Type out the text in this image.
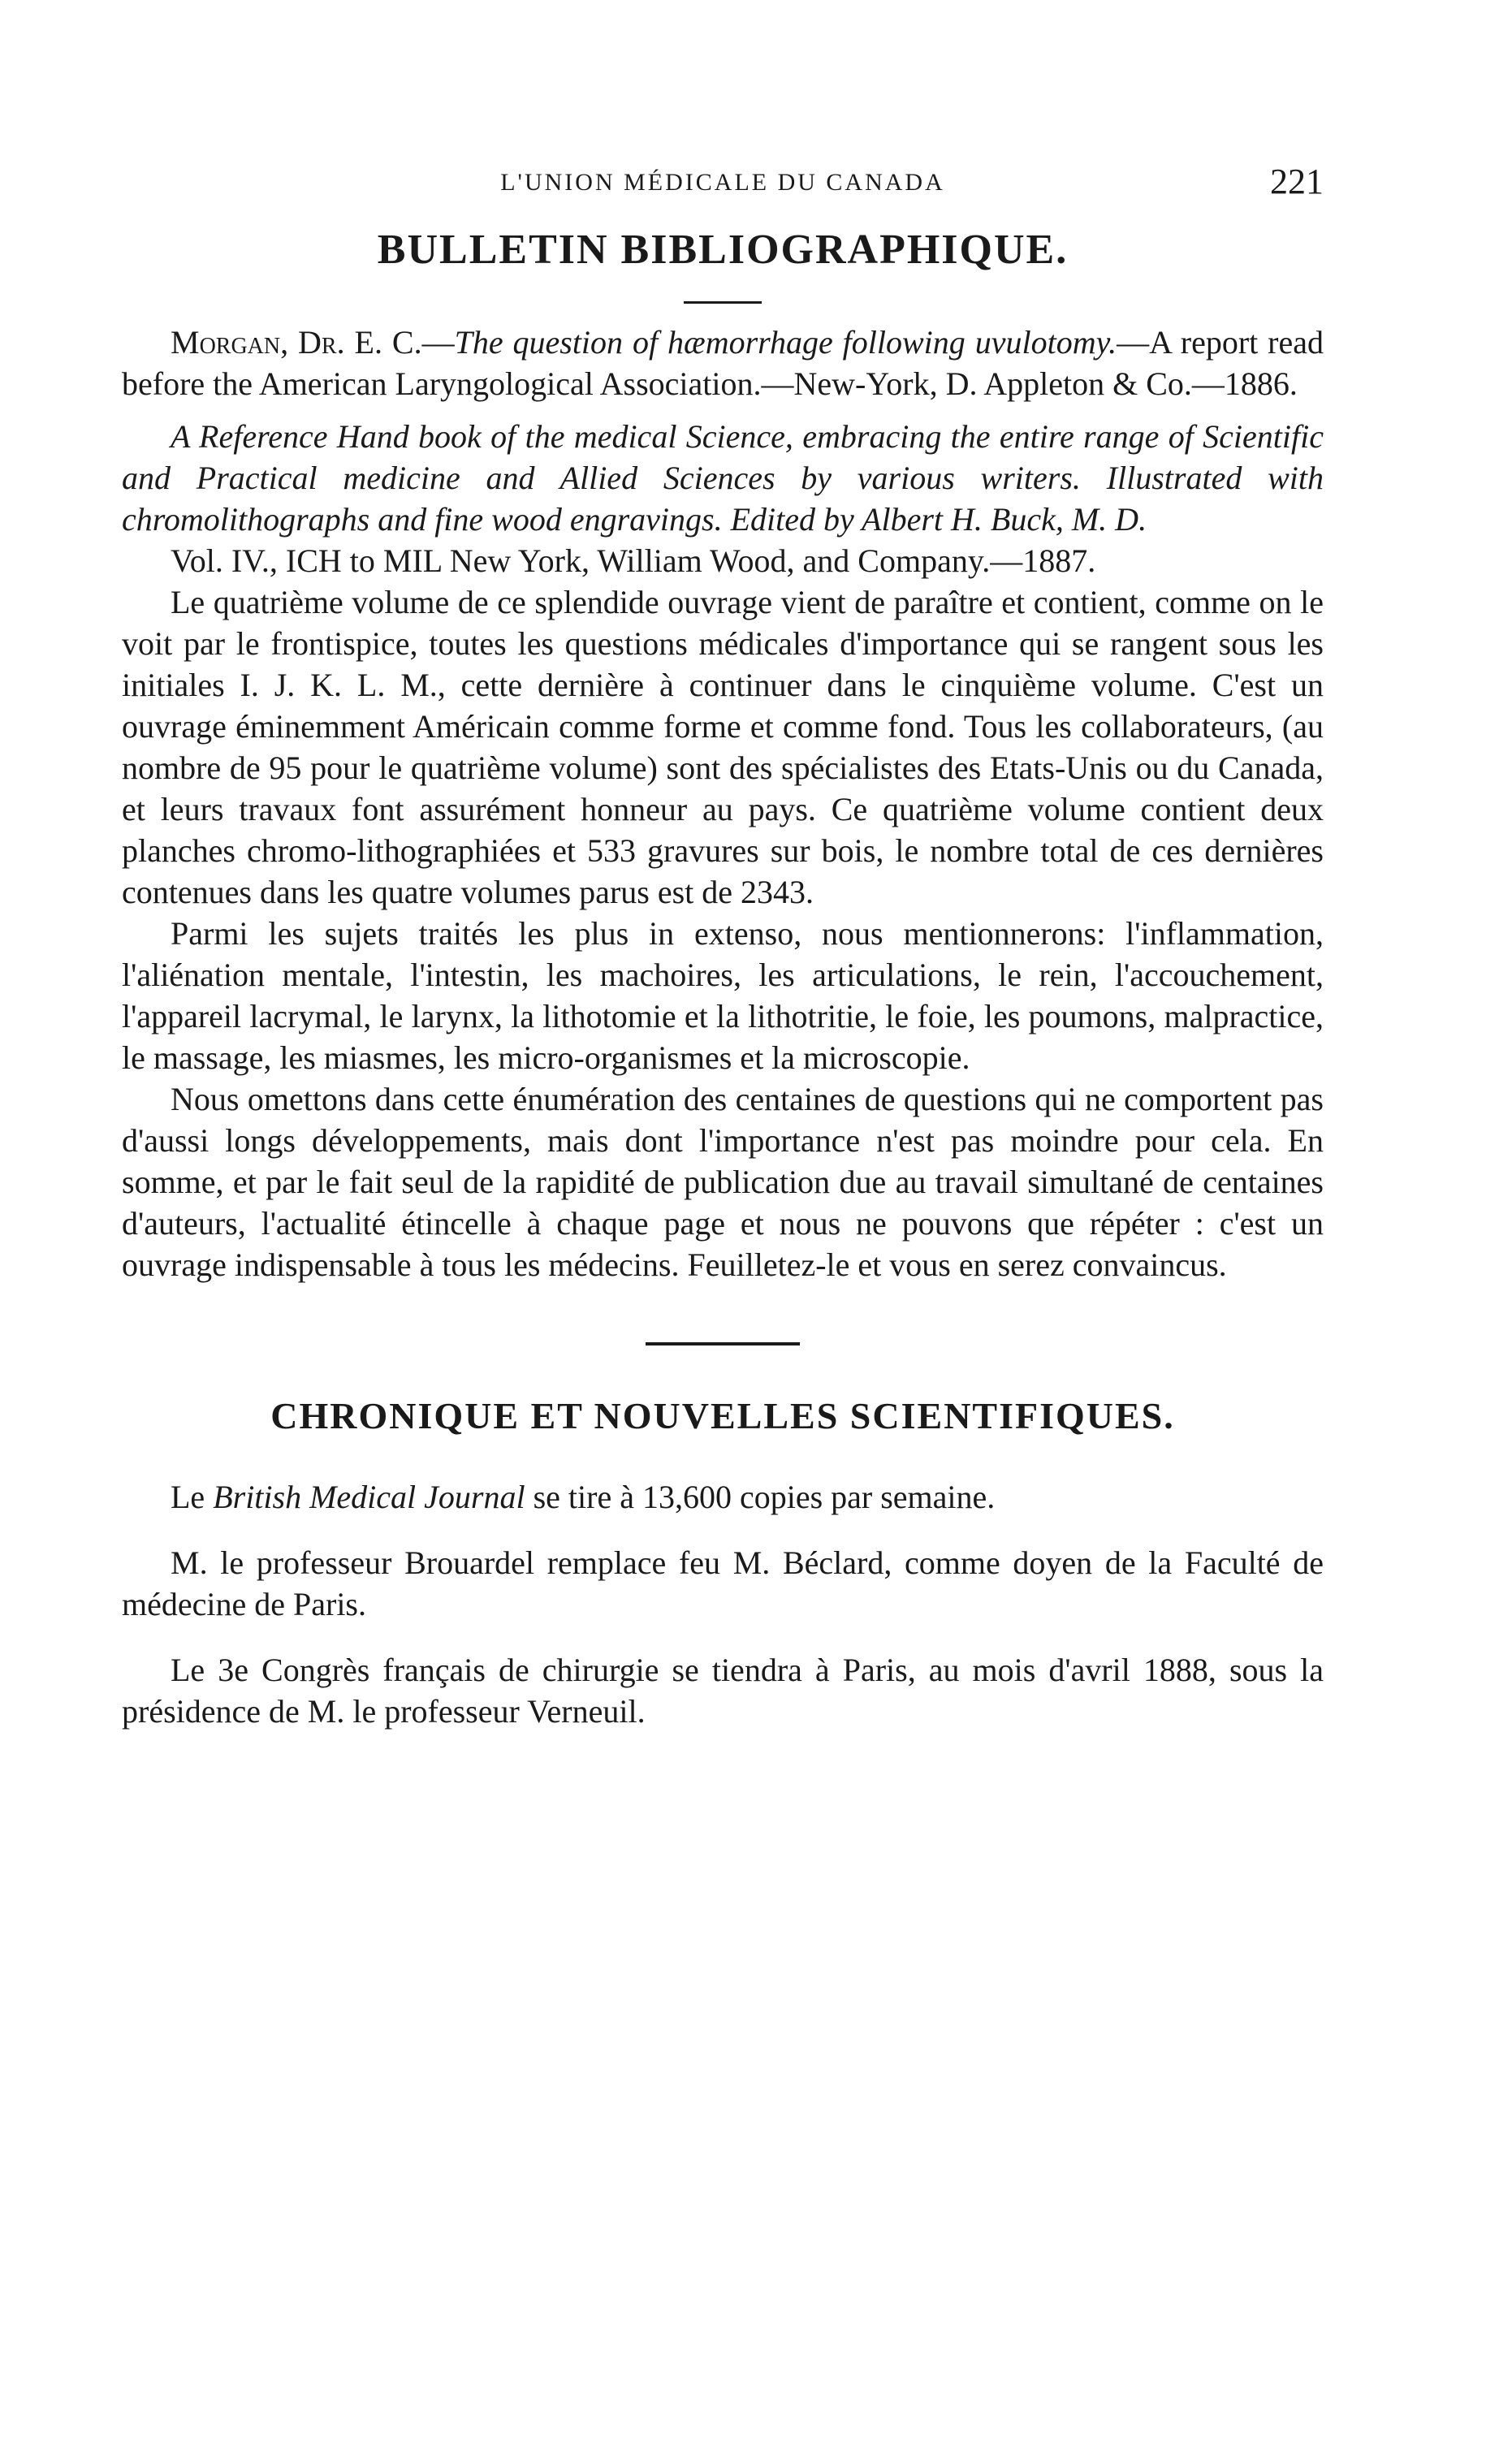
L'UNION MÉDICALE DU CANADA	221
BULLETIN BIBLIOGRAPHIQUE.

Morgan, Dr. E. C.—The question of hæmorrhage following uvulotomy.—A report read before the American Laryngological Association.—New-York, D. Appleton & Co.—1886.

A Reference Hand book of the medical Science, embracing the entire range of Scientific and Practical medicine and Allied Sciences by various writers. Illustrated with chromolithographs and fine wood engravings. Edited by Albert H. Buck, M. D.

Vol. IV., ICH to MIL New York, William Wood, and Company.—1887.

Le quatrième volume de ce splendide ouvrage vient de paraître et contient, comme on le voit par le frontispice, toutes les questions médicales d'importance qui se rangent sous les initiales I. J. K. L. M., cette dernière à continuer dans le cinquième volume. C'est un ouvrage éminemment Américain comme forme et comme fond. Tous les collaborateurs, (au nombre de 95 pour le quatrième volume) sont des spécialistes des Etats-Unis ou du Canada, et leurs travaux font assurément honneur au pays. Ce quatrième volume contient deux planches chromo-lithographiées et 533 gravures sur bois, le nombre total de ces dernières contenues dans les quatre volumes parus est de 2343.

Parmi les sujets traités les plus in extenso, nous mentionnerons: l'inflammation, l'aliénation mentale, l'intestin, les machoires, les articulations, le rein, l'accouchement, l'appareil lacrymal, le larynx, la lithotomie et la lithotritie, le foie, les poumons, malpractice, le massage, les miasmes, les micro-organismes et la microscopie.

Nous omettons dans cette énumération des centaines de questions qui ne comportent pas d'aussi longs développements, mais dont l'importance n'est pas moindre pour cela. En somme, et par le fait seul de la rapidité de publication due au travail simultané de centaines d'auteurs, l'actualité étincelle à chaque page et nous ne pouvons que répéter : c'est un ouvrage indispensable à tous les médecins. Feuilletez-le et vous en serez convaincus.

CHRONIQUE ET NOUVELLES SCIENTIFIQUES.

Le British Medical Journal se tire à 13,600 copies par semaine.

M. le professeur Brouardel remplace feu M. Béclard, comme doyen de la Faculté de médecine de Paris.

Le 3e Congrès français de chirurgie se tiendra à Paris, au mois d'avril 1888, sous la présidence de M. le professeur Verneuil.
